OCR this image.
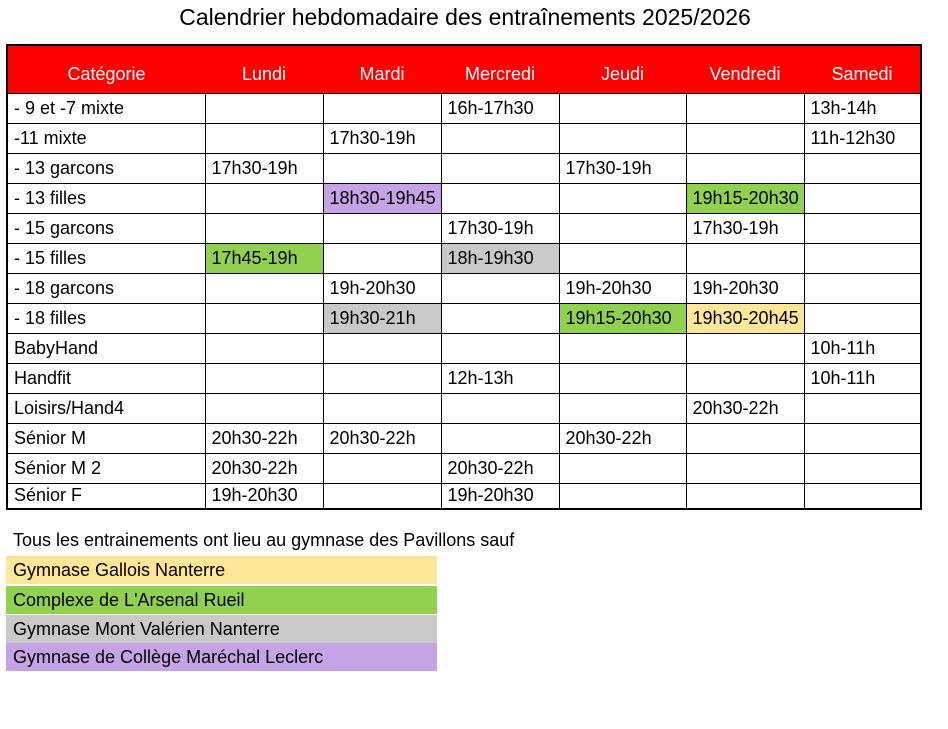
Calendrier hebdomadaire des entraînements 2025/2026
Catégorie	Lundi	Mardi	Mercredi	Jeudi	Vendredi	Samedi
- 9 et -7 mixte			16h-17h30			13h-14h
-11 mixte		17h30-19h				11h-12h30
- 13 garcons	17h30-19h			17h30-19h		
- 13 filles		18h30-19h45			19h15-20h30	
- 15 garcons			17h30-19h		17h30-19h	
- 15 filles	17h45-19h		18h-19h30			
- 18 garcons		19h-20h30		19h-20h30	19h-20h30	
- 18 filles		19h30-21h		19h15-20h30	19h30-20h45	
BabyHand						10h-11h
Handfit			12h-13h			10h-11h
Loisirs/Hand4					20h30-22h	
Sénior M	20h30-22h	20h30-22h		20h30-22h		
Sénior M 2	20h30-22h		20h30-22h			
Sénior F	19h-20h30		19h-20h30			
Tous les entrainements ont lieu au gymnase des Pavillons sauf
Gymnase Gallois Nanterre
Complexe de L'Arsenal Rueil
Gymnase Mont Valérien Nanterre
Gymnase de Collège Maréchal Leclerc
